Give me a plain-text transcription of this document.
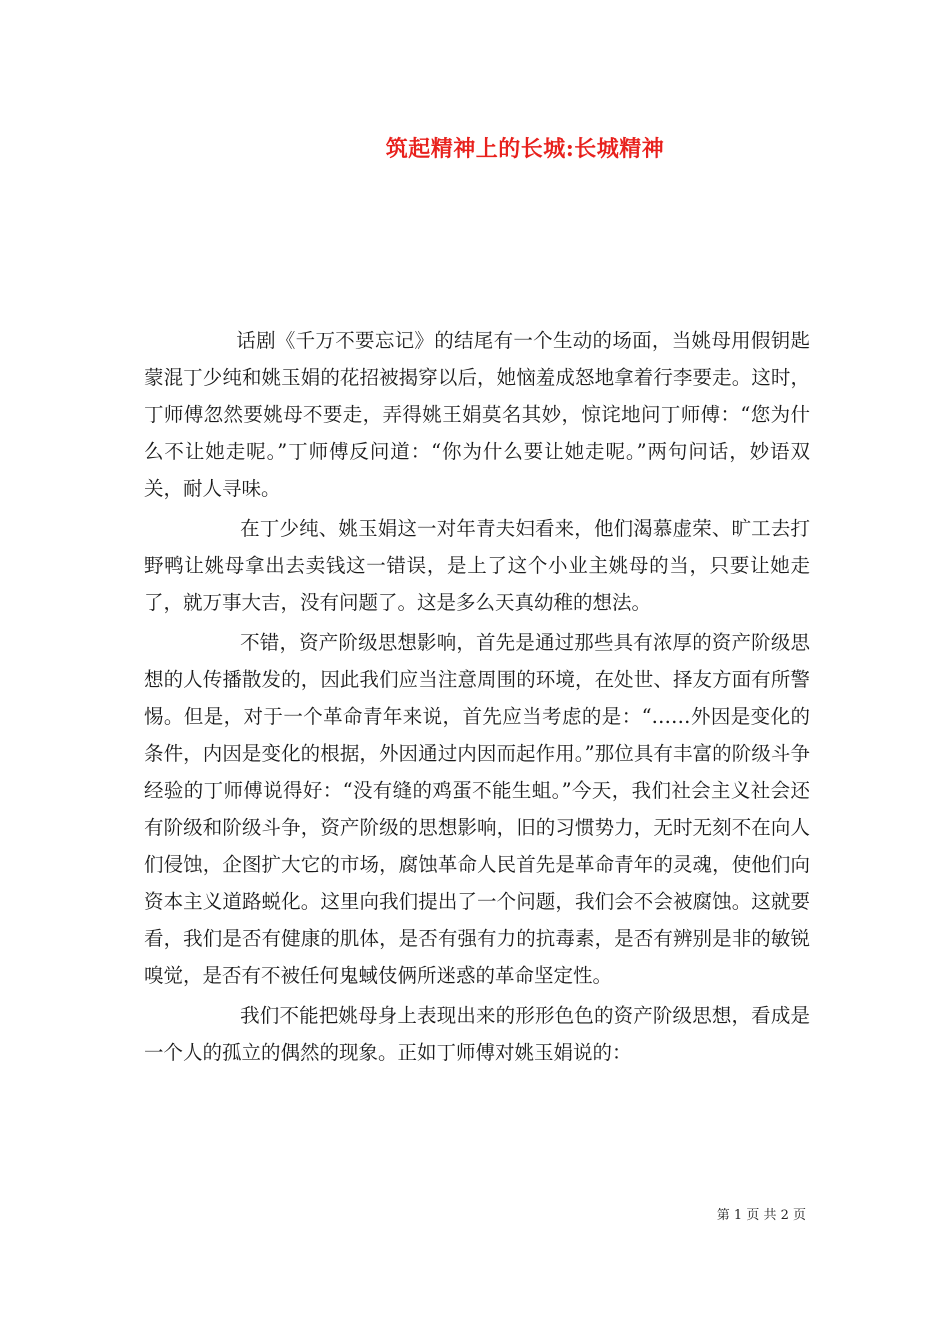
筑起精神上的长城:长城精神

话剧《千万不要忘记》的结尾有一个生动的场面，当姚母用假钥匙蒙混丁少纯和姚玉娟的花招被揭穿以后，她恼羞成怒地拿着行李要走。这时，丁师傅忽然要姚母不要走，弄得姚王娟莫名其妙，惊诧地问丁师傅：“您为什么不让她走呢。”丁师傅反问道：“你为什么要让她走呢。”两句问话，妙语双关，耐人寻味。

在丁少纯、姚玉娟这一对年青夫妇看来，他们渴慕虚荣、旷工去打野鸭让姚母拿出去卖钱这一错误，是上了这个小业主姚母的当，只要让她走了，就万事大吉，没有问题了。这是多么天真幼稚的想法。

不错，资产阶级思想影响，首先是通过那些具有浓厚的资产阶级思想的人传播散发的，因此我们应当注意周围的环境，在处世、择友方面有所警惕。但是，对于一个革命青年来说，首先应当考虑的是：“……外因是变化的条件，内因是变化的根据，外因通过内因而起作用。”那位具有丰富的阶级斗争经验的丁师傅说得好：“没有缝的鸡蛋不能生蛆。”今天，我们社会主义社会还有阶级和阶级斗争，资产阶级的思想影响，旧的习惯势力，无时无刻不在向人们侵蚀，企图扩大它的市场，腐蚀革命人民首先是革命青年的灵魂，使他们向资本主义道路蜕化。这里向我们提出了一个问题，我们会不会被腐蚀。这就要看，我们是否有健康的肌体，是否有强有力的抗毒素，是否有辨别是非的敏锐嗅觉，是否有不被任何鬼蜮伎俩所迷惑的革命坚定性。

我们不能把姚母身上表现出来的形形色色的资产阶级思想，看成是一个人的孤立的偶然的现象。正如丁师傅对姚玉娟说的：

第 1 页 共 2 页
